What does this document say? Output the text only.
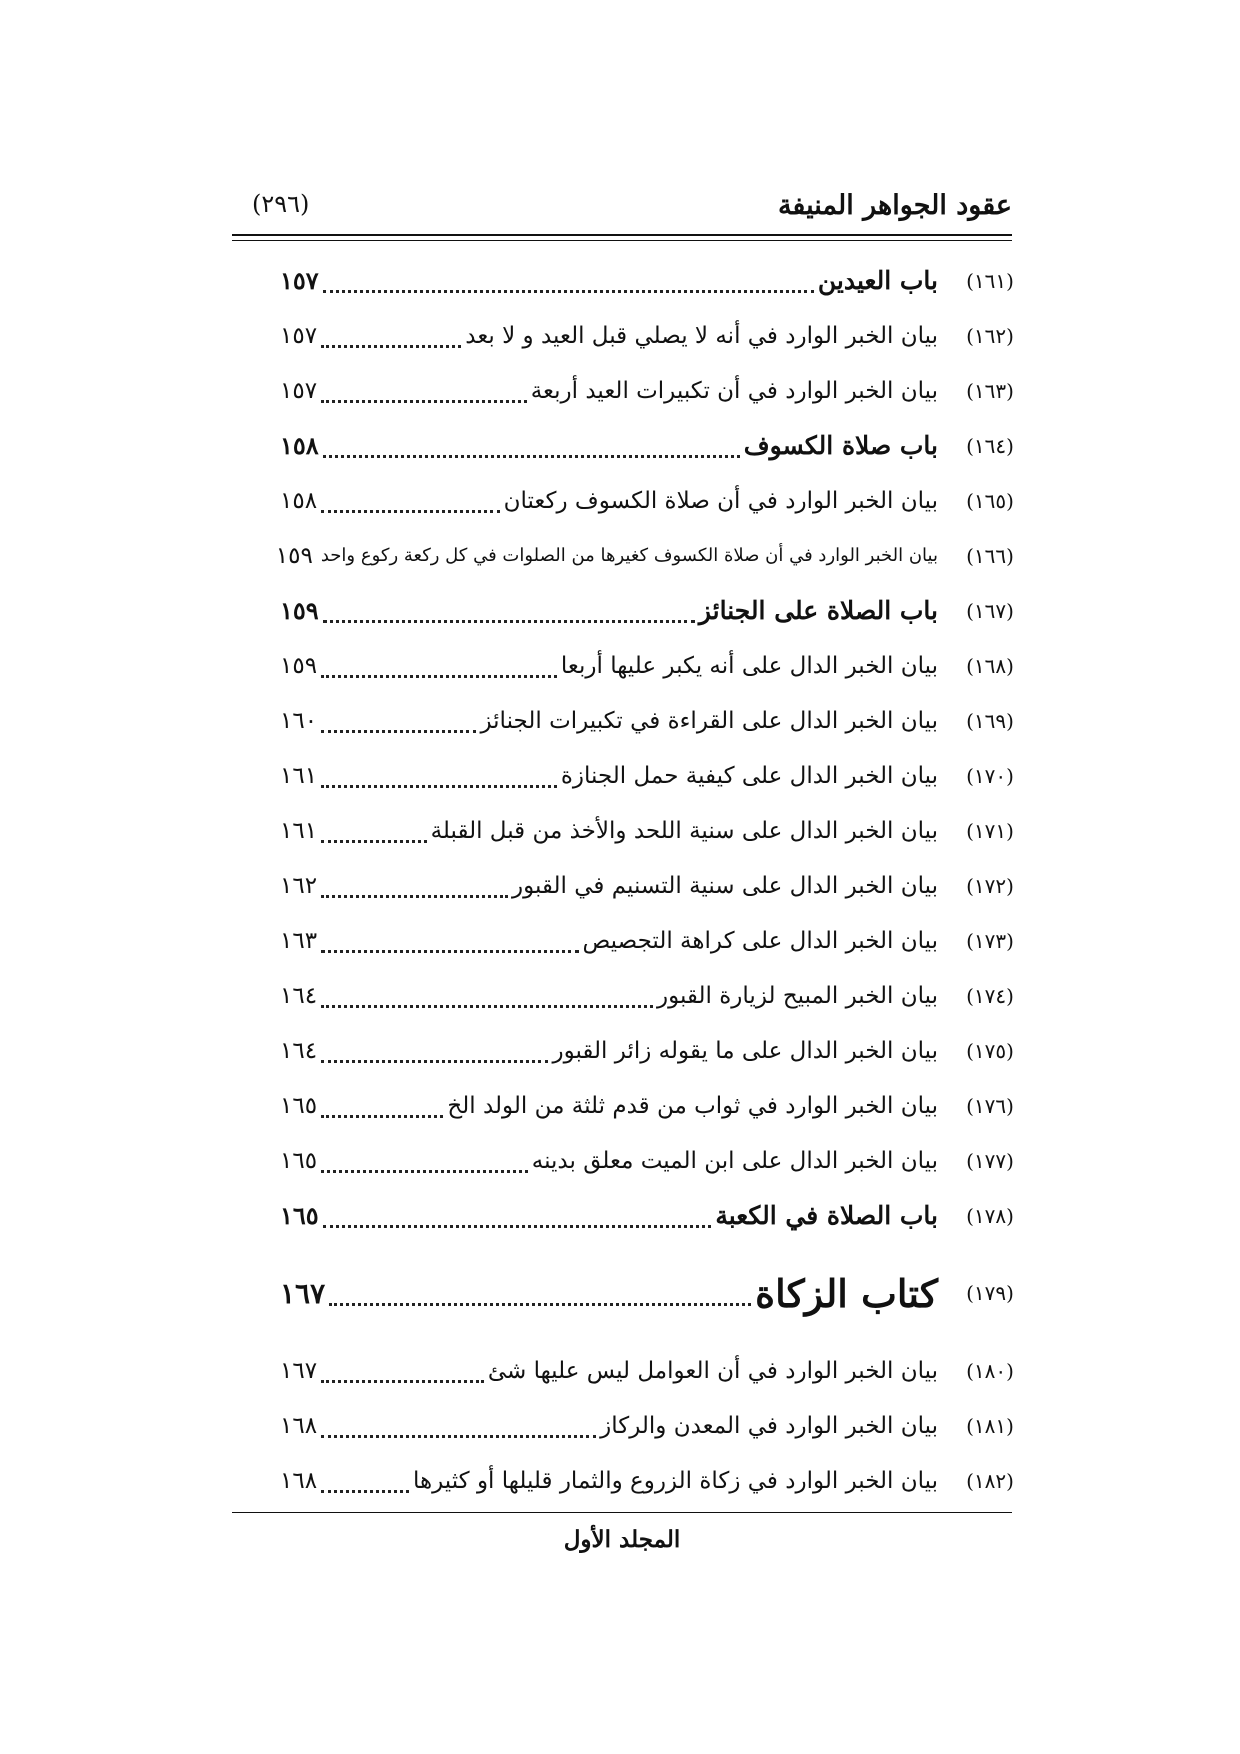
عقود الجواهر المنيفة
(٢٩٦)
(١٦١)
باب العيدين
١٥٧
(١٦٢)
بيان الخبر الوارد في أنه لا يصلي قبل العيد و لا بعد
١٥٧
(١٦٣)
بيان الخبر الوارد في أن تكبيرات العيد أربعة
١٥٧
(١٦٤)
باب صلاة الكسوف
١٥٨
(١٦٥)
بيان الخبر الوارد في أن صلاة الكسوف ركعتان
١٥٨
(١٦٦)
بيان الخبر الوارد في أن صلاة الكسوف كغيرها من الصلوات في كل ركعة ركوع واحد
١٥٩
(١٦٧)
باب الصلاة على الجنائز
١٥٩
(١٦٨)
بيان الخبر الدال على أنه يكبر عليها أربعا
١٥٩
(١٦٩)
بيان الخبر الدال على القراءة في تكبيرات الجنائز
١٦٠
(١٧٠)
بيان الخبر الدال على كيفية حمل الجنازة
١٦١
(١٧١)
بيان الخبر الدال على سنية اللحد والأخذ من قبل القبلة
١٦١
(١٧٢)
بيان الخبر الدال على سنية التسنيم في القبور
١٦٢
(١٧٣)
بيان الخبر الدال على كراهة التجصيص
١٦٣
(١٧٤)
بيان الخبر المبيح لزيارة القبور
١٦٤
(١٧٥)
بيان الخبر الدال على ما يقوله زائر القبور
١٦٤
(١٧٦)
بيان الخبر الوارد في ثواب من قدم ثلثة من الولد الخ
١٦٥
(١٧٧)
بيان الخبر الدال على ابن الميت معلق بدينه
١٦٥
(١٧٨)
باب الصلاة في الكعبة
١٦٥
(١٧٩)
كتاب الزكاة
١٦٧
(١٨٠)
بيان الخبر الوارد في أن العوامل ليس عليها شئ
١٦٧
(١٨١)
بيان الخبر الوارد في المعدن والركاز
١٦٨
(١٨٢)
بيان الخبر الوارد في زكاة الزروع والثمار قليلها أو كثيرها
١٦٨
المجلد الأول
